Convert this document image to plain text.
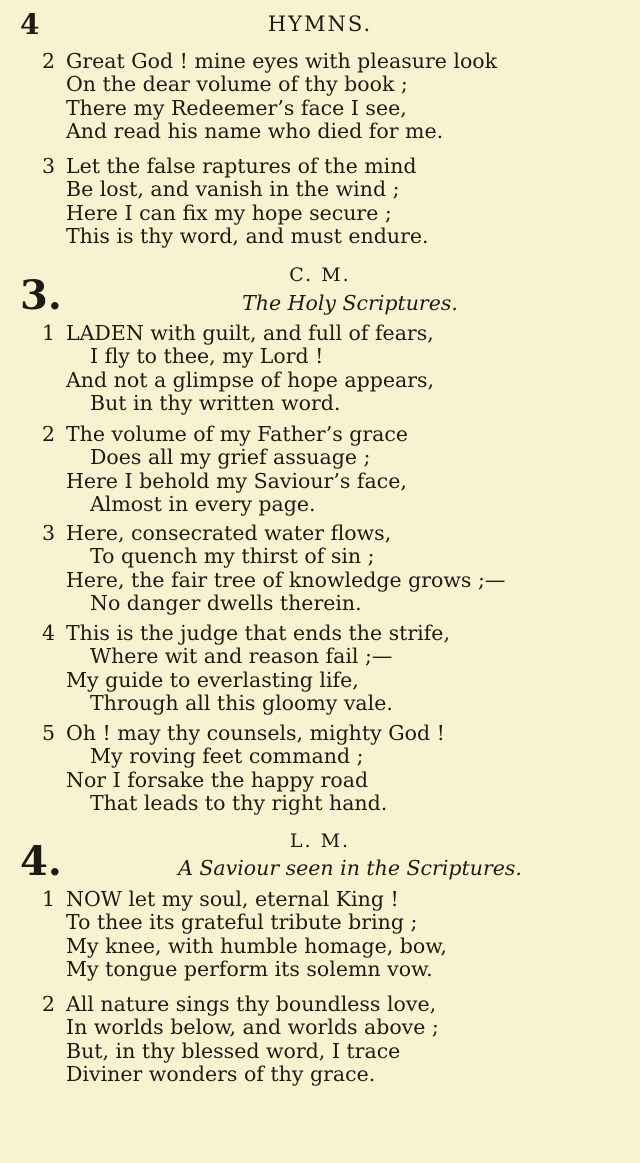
4	HYMNS.
2 Great God ! mine eyes with pleasure look
On the dear volume of thy book ;
There my Redeemer’s face I see,
And read his name who died for me.
3 Let the false raptures of the mind
Be lost, and vanish in the wind ;
Here I can fix my hope secure ;
This is thy word, and must endure.
3.	C. M.
The Holy Scriptures.
1 LADEN with guilt, and full of fears,
I fly to thee, my Lord !
And not a glimpse of hope appears,
But in thy written word.
2 The volume of my Father’s grace
Does all my grief assuage ;
Here I behold my Saviour’s face,
Almost in every page.
3 Here, consecrated water flows,
To quench my thirst of sin ;
Here, the fair tree of knowledge grows ;—
No danger dwells therein.
4 This is the judge that ends the strife,
Where wit and reason fail ;—
My guide to everlasting life,
Through all this gloomy vale.
5 Oh ! may thy counsels, mighty God !
My roving feet command ;
Nor I forsake the happy road
That leads to thy right hand.
4.	L. M.
A Saviour seen in the Scriptures.
1 NOW let my soul, eternal King !
To thee its grateful tribute bring ;
My knee, with humble homage, bow,
My tongue perform its solemn vow.
2 All nature sings thy boundless love,
In worlds below, and worlds above ;
But, in thy blessed word, I trace
Diviner wonders of thy grace.
